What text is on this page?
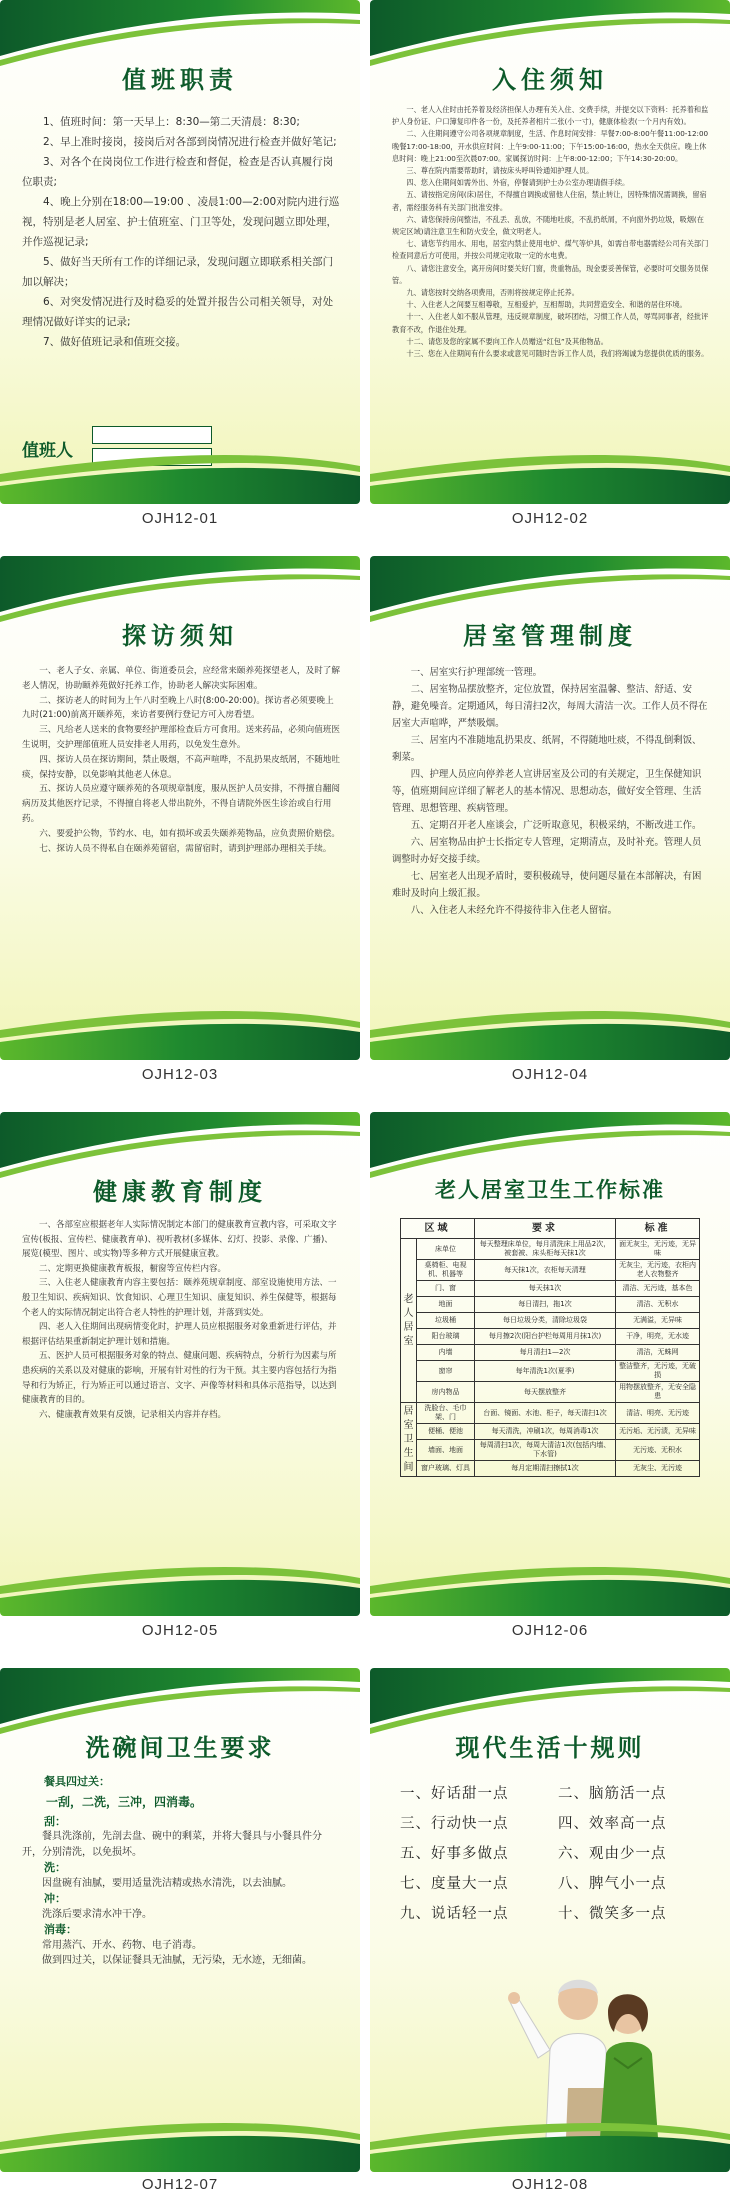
值班职责

1、值班时间：第一天早上：8:30—第二天清晨：8:30;

2、早上准时接岗，接岗后对各部到岗情况进行检查并做好笔记;

3、对各个在岗岗位工作进行检查和督促，检查是否认真履行岗位职责;

4、晚上分别在18:00—19:00 、凌晨1:00—2:00对院内进行巡视，特别是老人居室、护士值班室、门卫等处，发现问题立即处理，并作巡视记录;

5、做好当天所有工作的详细记录，发现问题立即联系相关部门加以解决；

6、对突发情况进行及时稳妥的处置并报告公司相关领导，对处理情况做好详实的记录;

7、做好值班记录和值班交接。

值班人
OJH12-01
入住须知

一、老人入住时由托养着及经济担保人办理有关入住、交费手续，并提交以下资料：托养着和监护人身份证、户口簿复印件各一份，及托养者相片二张(小一寸)，健康体检表(一个月内有效)。

二、入住期间遵守公司各项规章制度，生活、作息时间安排：早餐7:00-8:00午餐11:00-12:00 晚餐17:00-18:00，开水供应时间：上午9:00-11:00；下午15:00-16:00，热水全天供应。晚上休息时间：晚上21:00至次晨07:00。家属探访时间：上午8:00-12:00；下午14:30-20:00。

三、尊在院内需要帮助时，请按床头呼叫铃通知护理人员。

四、您入住期间如需外出、外宿，停餐请到护士办公室办理请假手续。

五、请按指定房间(床)居住，不得擅自调换或留他人住宿，禁止转让，因特殊情况需调换，留宿者，需经服务科有关部门批准安排。

六、请您保持房间整洁，不乱丢、乱放，不随地吐痰，不乱扔纸屑，不向窗外扔垃圾，吸烟(在规定区域)请注意卫生和防火安全，做文明老人。

七、请您节约用水、用电，居室内禁止使用电炉、煤气等炉具，如需自带电器需经公司有关部门检查同意后方可使用，并按公司规定收取一定的水电费。

八、请您注意安全，离开房间时要关好门窗，贵重物品，现金要妥善保管，必要时可交服务员保管。

九、请您按时交纳各项费用，否则将按规定停止托养。

十、入住老人之间要互相尊敬，互相爱护，互相帮助，共同营造安全、和谐的居住环境。

十一、入住老人如不服从管理，违反规章制度，破坏团结，习惯工作人员，辱骂同事者，经批评教育不改，作退住处理。

十二、请您及您的家属不要向工作人员赠送“红包”及其他物品。

十三、您在入住期间有什么要求或意见可随时告诉工作人员，我们将竭诚为您提供优质的服务。

OJH12-02
探访须知

一、老人子女、亲属、单位、街道委员会，应经常来颐养苑探望老人，及时了解老人情况，协助颐养苑做好托养工作，协助老人解决实际困难。

二、探访老人的时间为上午八时至晚上八时(8:00-20:00)。探访者必须要晚上九时(21:00)前离开颐养苑，来访者要例行登记方可入房看望。

三、凡给老人送来的食物要经护理部检查后方可食用。送来药品，必须向值班医生说明，交护理部值班人员安排老人用药，以免发生意外。

四、探访人员在探访期间，禁止吸烟，不高声喧哗，不乱扔果皮纸屑，不随地吐痰，保持安静，以免影响其他老人休息。

五、探访人员应遵守颐养苑的各项规章制度，服从医护人员安排，不得擅自翻阅病历及其他医疗记录，不得擅自将老人带出院外，不得自请院外医生诊治或自行用药。

六、要爱护公物，节约水、电，如有损坏或丢失颐养苑物品，应负责照价赔偿。

七、探访人员不得私自在颐养苑留宿，需留宿时，请到护理部办理相关手续。

OJH12-03
居室管理制度

一、居室实行护理部统一管理。

二、居室物品摆放整齐，定位放置，保持居室温馨、整洁、舒适、安静，避免噪音。定期通风，每日清扫2次，每周大清洁一次。工作人员不得在居室大声喧哗，严禁吸烟。

三、居室内不准随地乱扔果皮、纸屑，不得随地吐痰，不得乱倒剩饭、剩菜。

四、护理人员应向停养老人宣讲居室及公司的有关规定，卫生保健知识等，值班期间应详细了解老人的基本情况、思想动态，做好安全管理、生活管理、思想管理、疾病管理。

五、定期召开老人座谈会，广泛听取意见，积极采纳，不断改进工作。

六、居室物品由护士长指定专人管理，定期清点，及时补充。管理人员调整时办好交接手续。

七、居室老人出现矛盾时，要积极疏导，使问题尽量在本部解决，有困难时及时向上级汇报。

八、入住老人未经允许不得接待非入住老人留宿。

OJH12-04
健康教育制度

一、各部室应根据老年人实际情况制定本部门的健康教育宣教内容，可采取文字宣传(板报、宣传栏、健康教育单)、视听教材(多媒体、幻灯、投影、录像、广播)、展览(模型、图片、或实物)等多种方式开展健康宣教。

二、定期更换健康教育板报，橱窗等宣传栏内容。

三、入住老人健康教育内容主要包括：颐养苑规章制度、部室设施使用方法、一般卫生知识、疾病知识、饮食知识、心理卫生知识、康复知识、养生保健等，根据每个老人的实际情况制定出符合老人特性的护理计划，并落到实处。

四、老人入住期间出现病情变化时，护理人员应根据服务对象重新进行评估，并根据评估结果重新制定护理计划和措施。

五、医护人员可根据服务对象的特点、健康问题、疾病特点，分析行为因素与所患疾病的关系以及对健康的影响，开展有针对性的行为干预。其主要内容包括行为指导和行为矫正，行为矫正可以通过语言、文字、声像等材料和具体示范指导，以达到健康教育的目的。

六、健康教育效果有反馈，记录相关内容并存档。

OJH12-05
老人居室卫生工作标准
区域		要求	标准
老人居室	床单位	每天整理床单位，每月清洗床上用品2次，被套被、床头柜每天抹1次	面无灰尘，无污迹，无异味
	桌椅柜、电视机、机器等	每天抹1次，衣柜每天清理	无灰尘，无污迹，衣柜内老人衣物整齐
	门、窗	每天抹1次	清洁、无污迹，基本色
	地面	每日清扫，拖1次	清洁、无积水
	垃圾桶	每日垃圾分类，清除垃圾袋	无满溢，无异味
	阳台玻璃	每月擦2次(阳台护栏每周用月抹1次)	干净，明亮，无水迹
	内墙	每月清扫1—2次	清洁，无蛛网
	窗帘	每年清洗1次(夏季)	整洁整齐，无污迹，无破损
	房内物品	每天摆放整齐	用物摆放整齐，无安全隐患
居室卫生间	洗脸台、毛巾架、门	台面、镜面、水池、柜子，每天清扫1次	清洁、明亮、无污迹
	便桶、便池	每天清洗，冲刷1次，每周消毒1次	无污垢、无污渍，无异味
	墙面、地面	每周清扫1次，每周大清洁1次(包括内墙、下水管)	无污迹、无积水
	窗户玻璃、灯具	每月定期清扫擦拭1次	无灰尘、无污迹
OJH12-06
洗碗间卫生要求

餐具四过关：

一刮，二洗，三冲，四消毒。

刮：

餐具洗涤前，先剖去盘、碗中的剩菜，并将大餐具与小餐具件分开，分别清洗，以免损坏。

洗：

因盘碗有油腻，要用适量洗洁精或热水清洗，以去油腻。

冲：

洗涤后要求清水冲干净。

消毒：

常用蒸汽、开水、药物、电子消毒。

做到四过关，以保证餐具无油腻，无污染，无水迹，无细菌。

OJH12-07
现代生活十规则
一、好话甜一点	二、脑筋活一点
三、行动快一点	四、效率高一点
五、好事多做点	六、观由少一点
七、度量大一点	八、脾气小一点
九、说话轻一点	十、微笑多一点
OJH12-08
